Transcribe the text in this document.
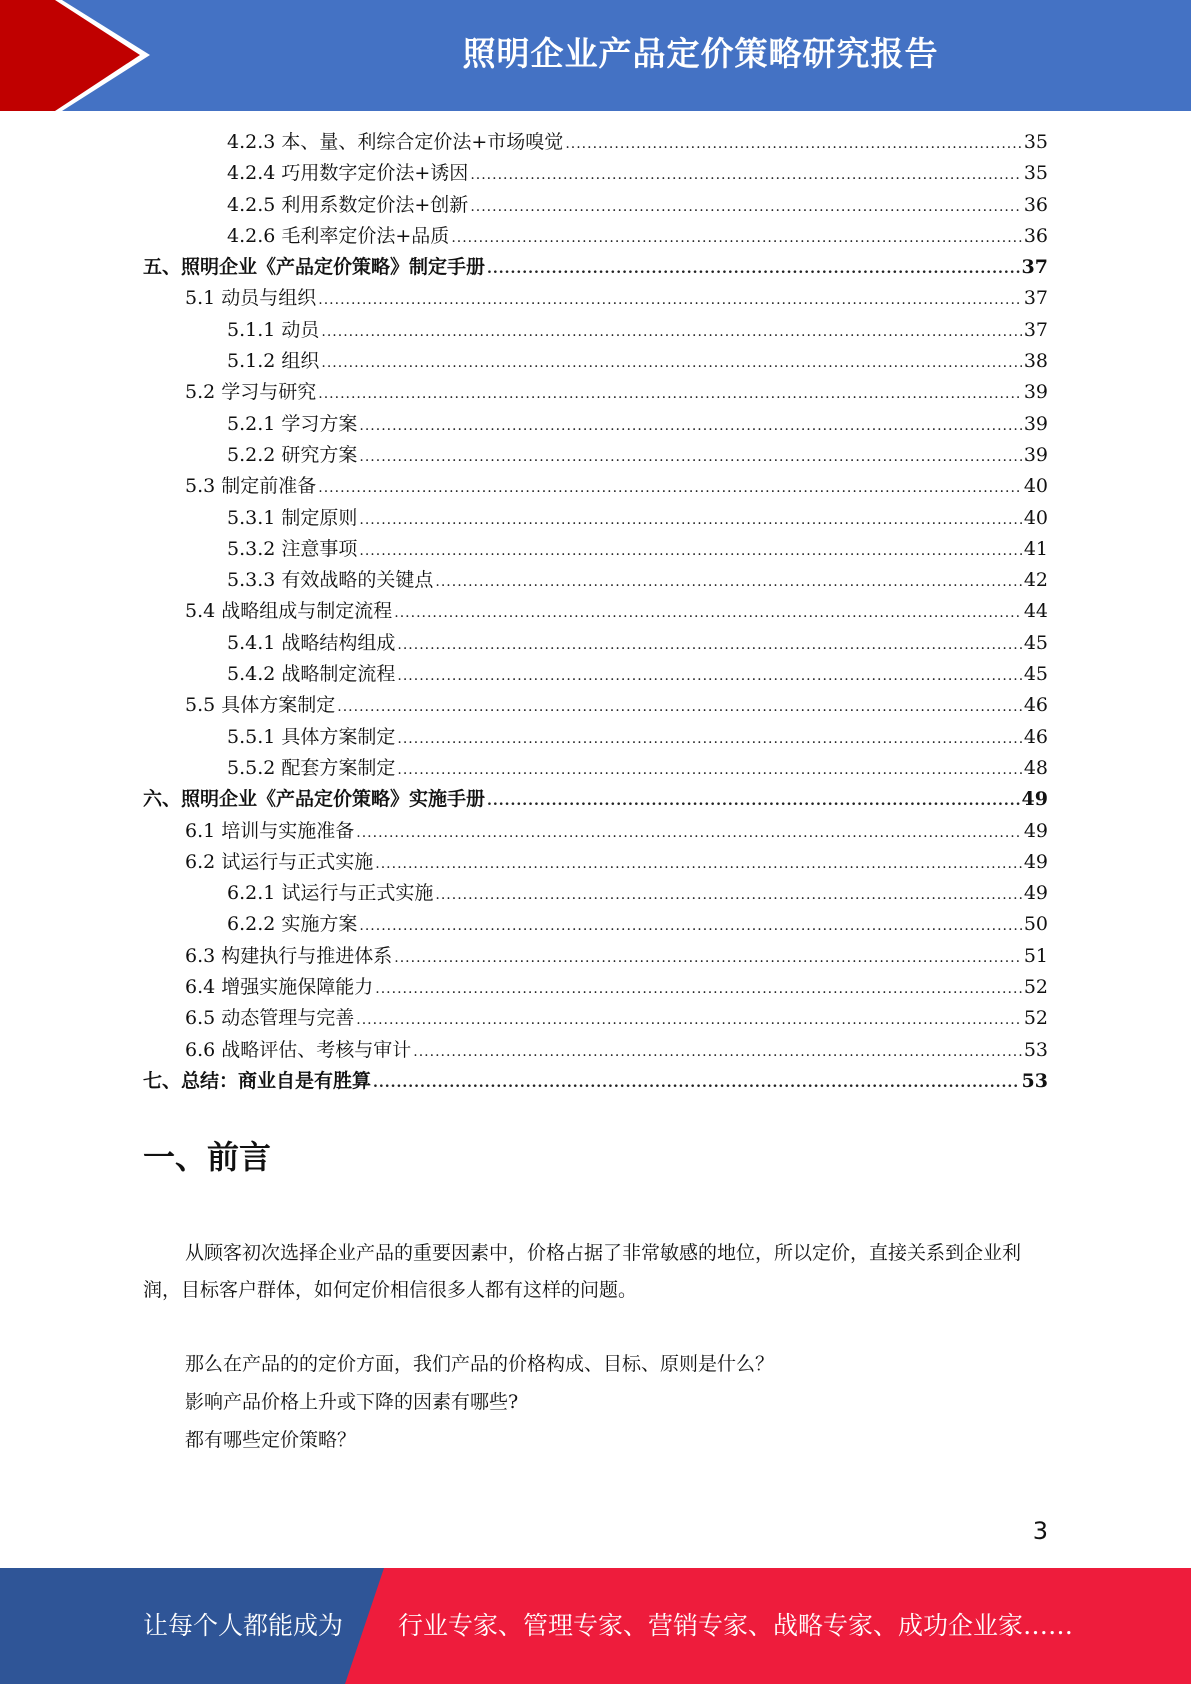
照明企业产品定价策略研究报告
4.2.3 本、量、利综合定价法+市场嗅觉 .....	35
4.2.4 巧用数字定价法+诱因 .....	35
4.2.5 利用系数定价法+创新 .....	36
4.2.6 毛利率定价法+品质 .....	36
五、照明企业《产品定价策略》制定手册 .....	37
5.1 动员与组织 .....	37
5.1.1 动员 .....	37
5.1.2 组织 .....	38
5.2 学习与研究 .....	39
5.2.1 学习方案 .....	39
5.2.2 研究方案 .....	39
5.3 制定前准备 .....	40
5.3.1 制定原则 .....	40
5.3.2 注意事项 .....	41
5.3.3 有效战略的关键点 .....	42
5.4 战略组成与制定流程 .....	44
5.4.1 战略结构组成 .....	45
5.4.2 战略制定流程 .....	45
5.5 具体方案制定 .....	46
5.5.1 具体方案制定 .....	46
5.5.2 配套方案制定 .....	48
六、照明企业《产品定价策略》实施手册 .....	49
6.1 培训与实施准备 .....	49
6.2 试运行与正式实施 .....	49
6.2.1 试运行与正式实施 .....	49
6.2.2 实施方案 .....	50
6.3 构建执行与推进体系 .....	51
6.4 增强实施保障能力 .....	52
6.5 动态管理与完善 .....	52
6.6 战略评估、考核与审计 .....	53
七、总结：商业自是有胜算 .....	53
一、前言

从顾客初次选择企业产品的重要因素中，价格占据了非常敏感的地位，所以定价，直接关系到企业利润，目标客户群体，如何定价相信很多人都有这样的问题。

那么在产品的的定价方面，我们产品的价格构成、目标、原则是什么？

影响产品价格上升或下降的因素有哪些?

都有哪些定价策略？

3
让每个人都能成为 行业专家、管理专家、营销专家、战略专家、成功企业家……
